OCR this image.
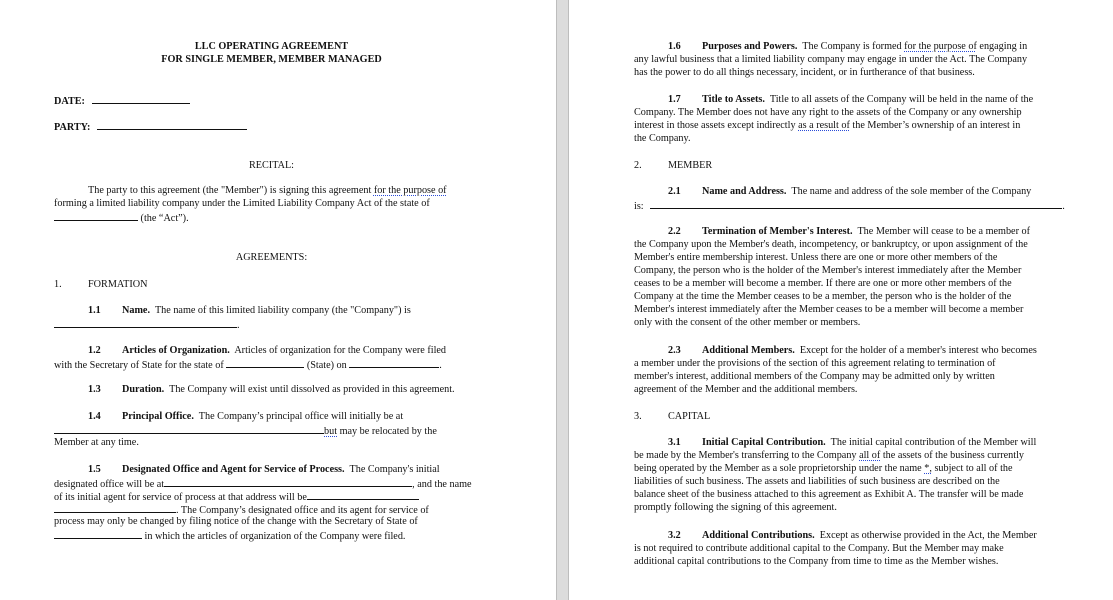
LLC OPERATING AGREEMENT
FOR SINGLE MEMBER, MEMBER MANAGED
DATE:
PARTY:
RECITAL:
The party to this agreement (the "Member") is signing this agreement for the purpose of
forming a limited liability company under the Limited Liability Company Act of the state of
(the “Act”).
AGREEMENTS:
1.	FORMATION
1.1 Name. The name of this limited liability company (the "Company") is
.
1.2 Articles of Organization. Articles of organization for the Company were filed
with the Secretary of State for the state of	(State) on	.
1.3 Duration. The Company will exist until dissolved as provided in this agreement.
1.4 Principal Office. The Company’s principal office will initially be at
but may be relocated by the
Member at any time.
1.5 Designated Office and Agent for Service of Process. The Company's initial
designated office will be at	, and the name
of its initial agent for service of process at that address will be
. The Company’s designated office and its agent for service of
process may only be changed by filing notice of the change with the Secretary of State of
in which the articles of organization of the Company were filed.
1.6 Purposes and Powers. The Company is formed for the purpose of engaging in
any lawful business that a limited liability company may engage in under the Act. The Company
has the power to do all things necessary, incident, or in furtherance of that business.
1.7 Title to Assets. Title to all assets of the Company will be held in the name of the
Company. The Member does not have any right to the assets of the Company or any ownership
interest in those assets except indirectly as a result of the Member’s ownership of an interest in
the Company.
2.	MEMBER
2.1 Name and Address. The name and address of the sole member of the Company
is:	.
2.2 Termination of Member's Interest. The Member will cease to be a member of
the Company upon the Member's death, incompetency, or bankruptcy, or upon assignment of the
Member's entire membership interest. Unless there are one or more other members of the
Company, the person who is the holder of the Member's interest immediately after the Member
ceases to be a member will become a member. If there are one or more other members of the
Company at the time the Member ceases to be a member, the person who is the holder of the
Member's interest immediately after the Member ceases to be a member will become a member
only with the consent of the other member or members.
2.3 Additional Members. Except for the holder of a member's interest who becomes
a member under the provisions of the section of this agreement relating to termination of
member's interest, additional members of the Company may be admitted only by written
agreement of the Member and the additional members.
3.	CAPITAL
3.1 Initial Capital Contribution. The initial capital contribution of the Member will
be made by the Member's transferring to the Company all of the assets of the business currently
being operated by the Member as a sole proprietorship under the name *, subject to all of the
liabilities of such business. The assets and liabilities of such business are described on the
balance sheet of the business attached to this agreement as Exhibit A. The transfer will be made
promptly following the signing of this agreement.
3.2 Additional Contributions. Except as otherwise provided in the Act, the Member
is not required to contribute additional capital to the Company. But the Member may make
additional capital contributions to the Company from time to time as the Member wishes.
